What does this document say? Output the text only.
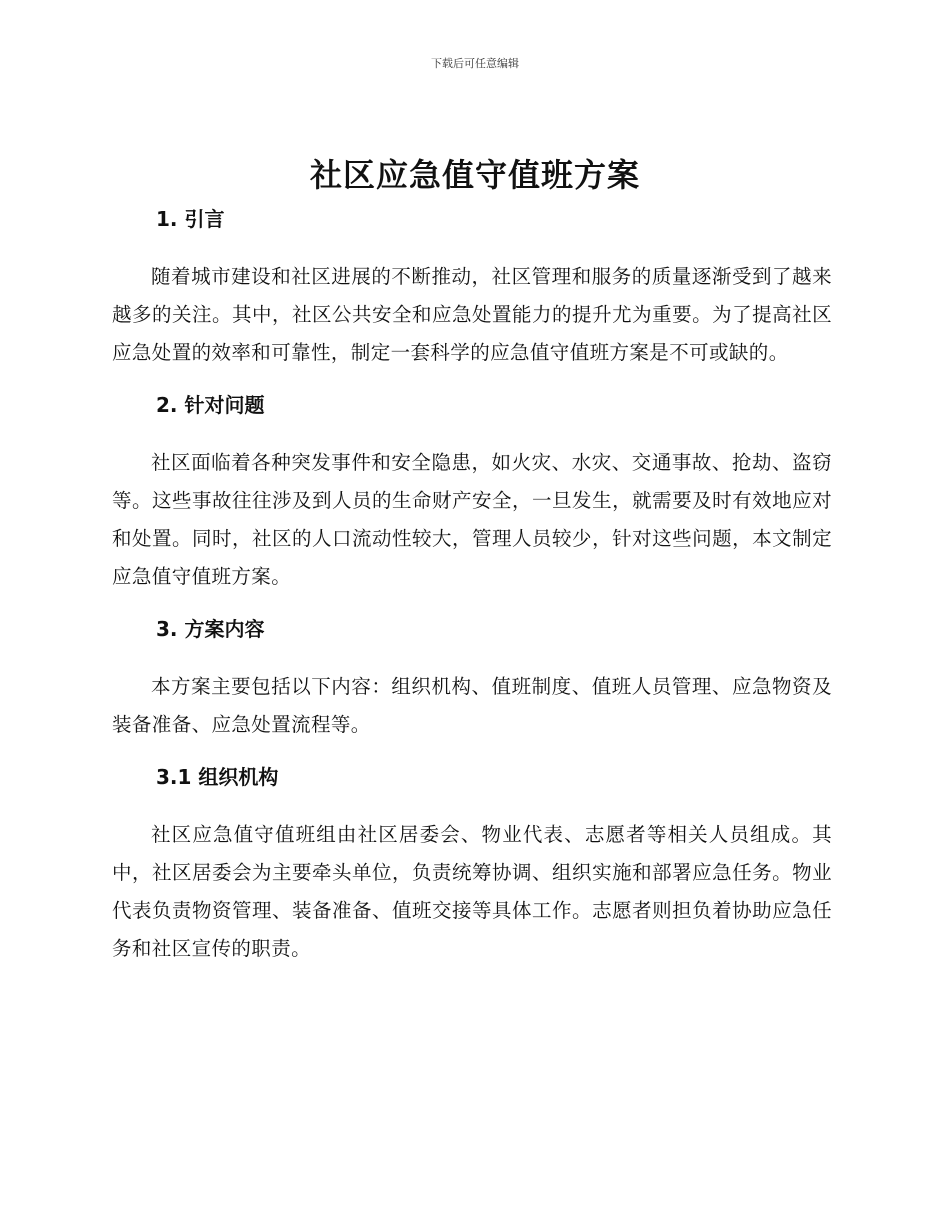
下载后可任意编辑
社区应急值守值班方案
1. 引言

随着城市建设和社区进展的不断推动，社区管理和服务的质量逐渐受到了越来越多的关注。其中，社区公共安全和应急处置能力的提升尤为重要。为了提高社区应急处置的效率和可靠性，制定一套科学的应急值守值班方案是不可或缺的。

2. 针对问题

社区面临着各种突发事件和安全隐患，如火灾、水灾、交通事故、抢劫、盗窃等。这些事故往往涉及到人员的生命财产安全，一旦发生，就需要及时有效地应对和处置。同时，社区的人口流动性较大，管理人员较少，针对这些问题，本文制定应急值守值班方案。

3. 方案内容

本方案主要包括以下内容：组织机构、值班制度、值班人员管理、应急物资及装备准备、应急处置流程等。

3.1 组织机构

社区应急值守值班组由社区居委会、物业代表、志愿者等相关人员组成。其中，社区居委会为主要牵头单位，负责统筹协调、组织实施和部署应急任务。物业代表负责物资管理、装备准备、值班交接等具体工作。志愿者则担负着协助应急任务和社区宣传的职责。
